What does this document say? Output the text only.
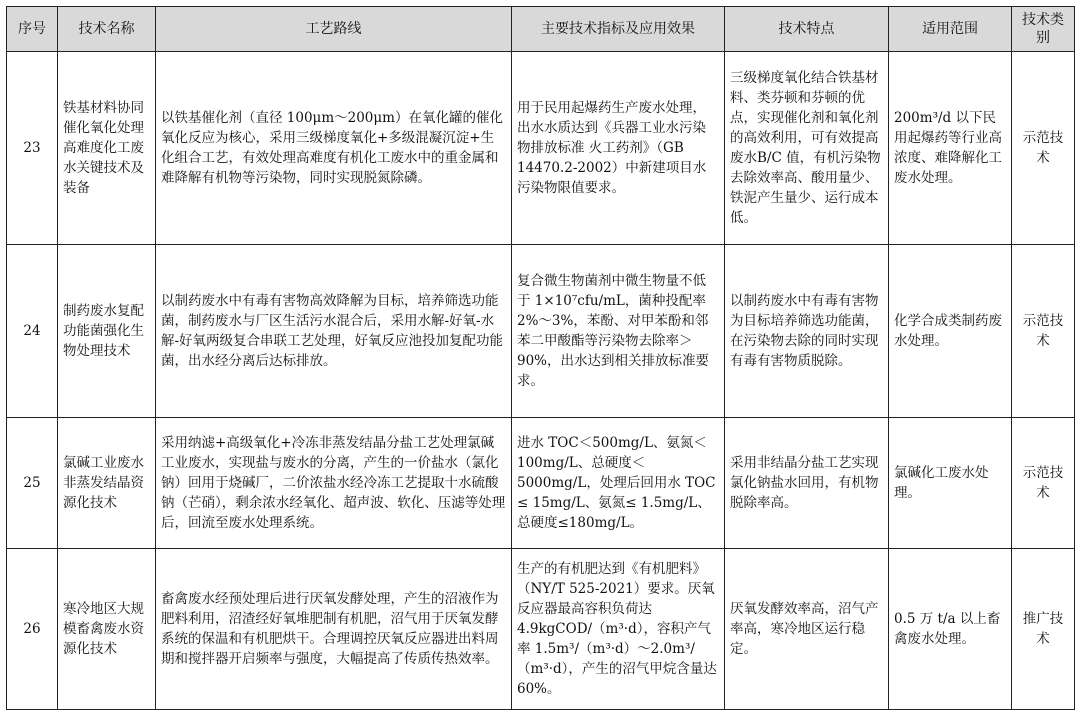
序号	技术名称	工艺路线	主要技术指标及应用效果	技术特点	适用范围	技术类别
23	铁基材料协同催化氧化处理高难度化工废水关键技术及装备	以铁基催化剂（直径 100μm～200μm）在氧化罐的催化氧化反应为核心，采用三级梯度氧化+多级混凝沉淀+生化组合工艺，有效处理高难度有机化工废水中的重金属和难降解有机物等污染物，同时实现脱氮除磷。	用于民用起爆药生产废水处理，出水水质达到《兵器工业水污染物排放标准 火工药剂》（GB 14470.2-2002）中新建项目水污染物限值要求。	三级梯度氧化结合铁基材料、类芬顿和芬顿的优点，实现催化剂和氧化剂的高效利用，可有效提高废水B/C 值，有机污染物去除效率高、酸用量少、铁泥产生量少、运行成本低。	200m³/d 以下民用起爆药等行业高浓度、难降解化工废水处理。	示范技术
24	制药废水复配功能菌强化生物处理技术	以制药废水中有毒有害物高效降解为目标，培养筛选功能菌，制药废水与厂区生活污水混合后，采用水解-好氧-水解-好氧两级复合串联工艺处理，好氧反应池投加复配功能菌，出水经分离后达标排放。	复合微生物菌剂中微生物量不低于 1×10⁷cfu/mL，菌种投配率 2%～3%，苯酚、对甲苯酚和邻苯二甲酸酯等污染物去除率＞90%，出水达到相关排放标准要求。	以制药废水中有毒有害物为目标培养筛选功能菌，在污染物去除的同时实现有毒有害物质脱除。	化学合成类制药废水处理。	示范技术
25	氯碱工业废水非蒸发结晶资源化技术	采用纳滤+高级氧化+冷冻非蒸发结晶分盐工艺处理氯碱工业废水，实现盐与废水的分离，产生的一价盐水（氯化钠）回用于烧碱厂，二价浓盐水经冷冻工艺提取十水硫酸钠（芒硝），剩余浓水经氧化、超声波、软化、压滤等处理后，回流至废水处理系统。	进水 TOC＜500mg/L、氨氮＜100mg/L、总硬度＜5000mg/L，处理后回用水 TOC ≤ 15mg/L、氨氮≤ 1.5mg/L、总硬度≤180mg/L。	采用非结晶分盐工艺实现氯化钠盐水回用，有机物脱除率高。	氯碱化工废水处理。	示范技术
26	寒冷地区大规模畜禽废水资源化技术	畜禽废水经预处理后进行厌氧发酵处理，产生的沼液作为肥料利用，沼渣经好氧堆肥制有机肥，沼气用于厌氧发酵系统的保温和有机肥烘干。合理调控厌氧反应器进出料周期和搅拌器开启频率与强度，大幅提高了传质传热效率。	生产的有机肥达到《有机肥料》（NY/T 525-2021）要求。厌氧反应器最高容积负荷达4.9kgCOD/（m³·d），容积产气率 1.5m³/（m³·d）～2.0m³/（m³·d），产生的沼气甲烷含量达 60%。	厌氧发酵效率高，沼气产率高，寒冷地区运行稳定。	0.5 万 t/a 以上畜禽废水处理。	推广技术
